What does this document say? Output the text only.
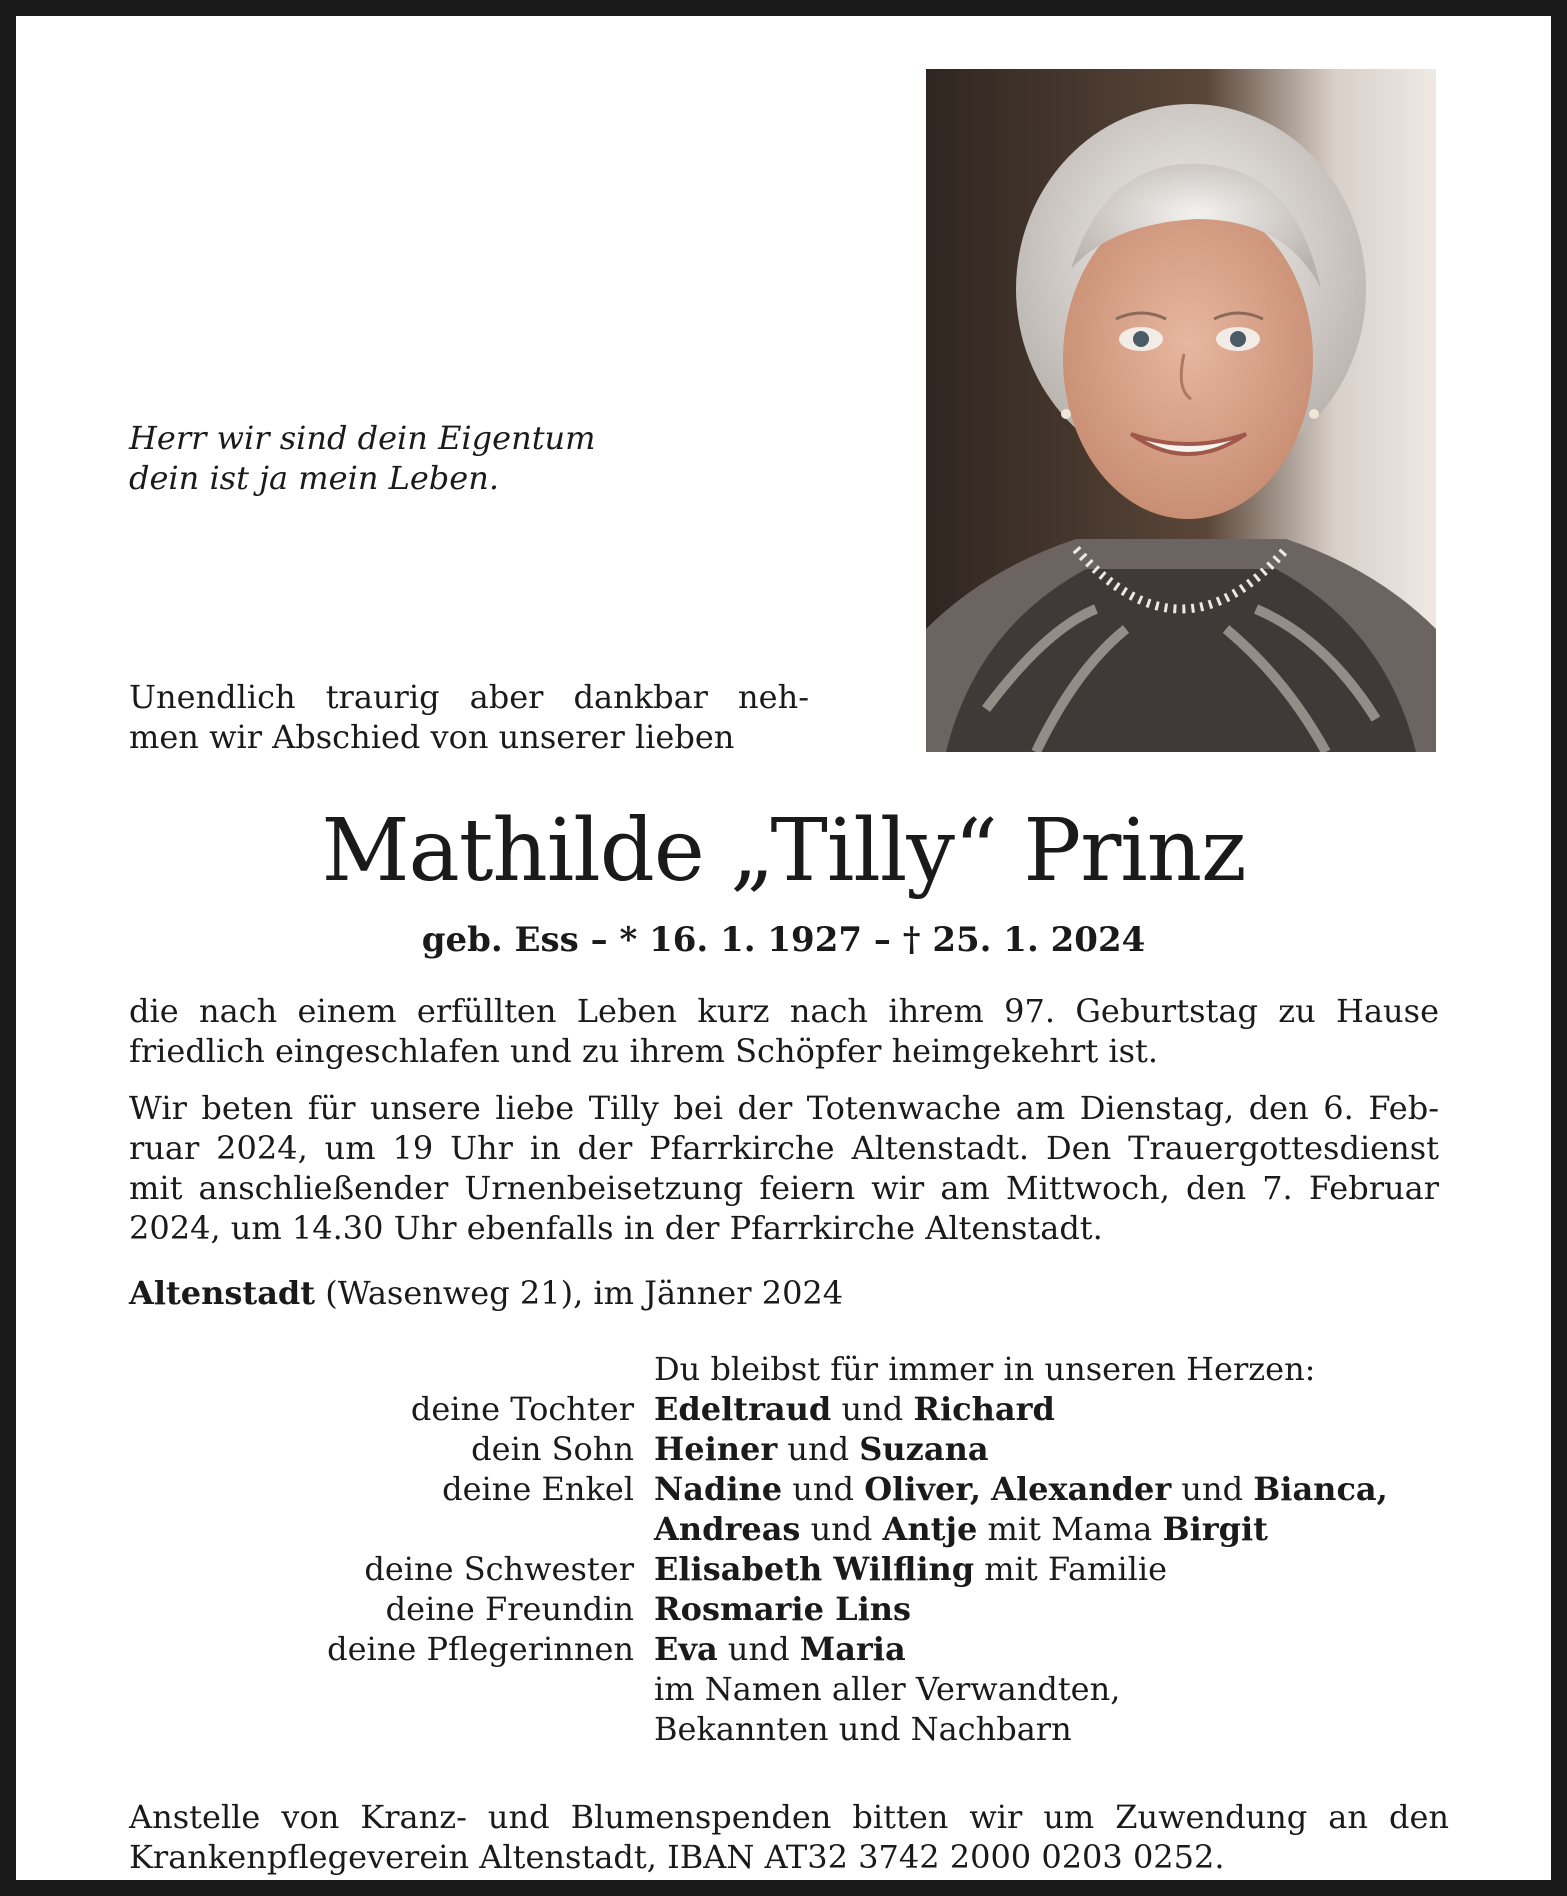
Herr wir sind dein Eigentum
dein ist ja mein Leben.
Unendlich traurig aber dankbar neh-
men wir Abschied von unserer lieben
Mathilde „Tilly“ Prinz
geb. Ess – * 16. 1. 1927 – † 25. 1. 2024
die nach einem erfüllten Leben kurz nach ihrem 97. Geburtstag zu Hause
friedlich eingeschlafen und zu ihrem Schöpfer heimgekehrt ist.
Wir beten für unsere liebe Tilly bei der Totenwache am Dienstag, den 6. Feb-
ruar 2024, um 19 Uhr in der Pfarrkirche Altenstadt. Den Trauergottesdienst
mit anschließender Urnenbeisetzung feiern wir am Mittwoch, den 7. Februar
2024, um 14.30 Uhr ebenfalls in der Pfarrkirche Altenstadt.
Altenstadt (Wasenweg 21), im Jänner 2024
Du bleibst für immer in unseren Herzen:
deine Tochter Edeltraud und Richard
dein Sohn Heiner und Suzana
deine Enkel Nadine und Oliver, Alexander und Bianca,
Andreas und Antje mit Mama Birgit
deine Schwester Elisabeth Wilfling mit Familie
deine Freundin Rosmarie Lins
deine Pflegerinnen Eva und Maria
im Namen aller Verwandten,
Bekannten und Nachbarn
Anstelle von Kranz- und Blumenspenden bitten wir um Zuwendung an den
Krankenpflegeverein Altenstadt, IBAN AT32 3742 2000 0203 0252.
